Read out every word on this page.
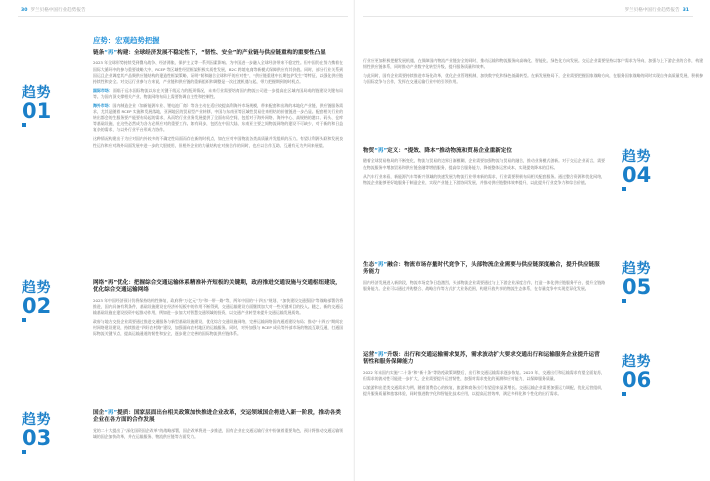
30 罗兰贝格中国行业趋势报告
应势：宏观趋势把握
趋势
01
链条“再”构建：全球经济发展不稳定性下，“韧性、安全”的产业链与供应链重构的重要性凸显

2023 年全球形势持续受到俄乌战争、经济滞胀、保护主义等一系列因素影响。为中国进一步融入全球经济带来不稳定性。但中国仍在努力携着在国际大循环中的参与重要战略大中，RCEP 等区域性经贸框架积极实质性发展，B2C 跨境电商等新模式保障供应有其价值。同时，部分行业关系到国运且企业调度其产品聚供应链结构的建造性框架策略，证明“韧和融合全球和平的应对性”，“供应链重建中长期包护发生”等特征，以强化供应链持续性和安全。对交运行业参与方来说，产业链和供应链的重新组织和调整是一次过渡机遇与起，带力把握期到的时机点。

国际市场：面临于远水国际物流以东在关键干线运力的瓶颈情况，未来行业需要培育国内物流公司进一步提高在区域内国局或的链建设关键布局等。为国内顶支撑相关产业，物流网络布局上需要协调自主性和控制性。

海外市场：国内制造企业（如新能源车业、锂电池厂商）等各主动在适应较提高利海外市场规模，带来配套和出海的本地化产业链，供应链服务需求，尤其是随着 RCEP 实施和发展落地，亚洲地区的贸易型产业转移，中国与东南亚等区域性贸易往来相结的价值链进一步凸显。配套相关行业的转出都会的生服务要产能要布局起的需求，从而给行业业务发展提供了全面布局空间，包括对于海外网络、海外中心、高规格的港口、码头、仓库等基础设施，在这些必然成为各方必须应对的重要工作。如有同步，包括在中国大陆、东南亚主要之间物流网络的建设不可缺少，对于新的和日益复杂的需求，与以外行业平台形成力协作。

这种情况构建出于为应对国内外较多的不确定性局面而存在新的时机点，如在应对中国物流各类高质量并发组织的压力。有望让利源头联和发展良性运作和应对海外局面发展中进一步的大胆使用，但相外企业的力量结构在对接合作的同时，也应以合作互助、互通有无为共同来展望。

趋势
02
网络“再”优化：把握综合交通运输体系精准补齐短板的关键期，政府推进交通设施与交通枢纽建设，优化综合交通运输网络

2023 年中国经济预计仍将保持结构性修复，政府将“万亿元”为“和一带一路”等，两年中国的“十四五”规划、“加快建设交通强国”等战略部署仍将推进，国内具备有利条件，基础设施建设在经济补短板中的作用不断得到，交通运输建设方面继续加大对一些关键项目的投入。随之，新的交通运输基础设施在建设投资中起推动作用，例如进一步加大对智慧交通领域的投资，以交通产业转型来提升交通运输发展质效。

政府与地方交投企业需要通过推进交通服务与新型基础设施建设，优化综合交通设施网络，完善运输网络国内通道建设布局；推动“十四五”期间农村网络建设建设，持续推进“四好农村路”建设，加强面向农村地区的运输服务。同时，对外加强与 RCEP 成员等外部市场的物流互联互通，打通国际物流关键节点，提高运输通道的韧性和安全，逐步建立完善的国际物流供应链体系。

趋势
03
国企“再”提质：国家层面出台相关政策加快推进企业改革，交运领域国企将进入新一阶段，推动各类企业在各方面的合作发展

党的二十大提出了“深化国资国企改革”的战略部署，国企改革将进一步推进，国有企业在交通运输行业中扮演着重要角色，预计将推动交通运输领域的国企加快改革，并在运输服务、物流供应链等方面发力。

罗兰贝格中国行业趋势报告 31

行业应更加积极把握发展机遇，在保障国内物流产业链安全的同时，推动运输和物流服务向高端化、智能化、绿色化方向发展。交运企业需要坚持以客户需求为导向，加强与上下游企业的合作，构建韧性供应链体系，同时推动产业数字化转型升级，提升服务质量和效率。

与此同时，国有企业需要持续推进市场化改革，优化企业管理机制，加快数字化和绿色低碳转型。在新发展格局下，企业需要把握国家战略方向，在服务国家战略的同时实现自身高质量发展，积极参与国际竞争与合作，发挥在交通运输行业中的引领作用。

趋势
04
物贸“再”定义：“提效、降本”推动物流和贸易企业重新定位

随着全球贸易格局的不断变化，物流与贸易的边界日渐模糊，企业需要加强物流与贸易的融合，推动业务模式创新。对于交运企业而言，需要在物流服务中增加贸易和供应链金融等增值服务，提高综合服务能力，降低整体运营成本，实现提效降本的目标。

从汽车行业来看，新能源汽车等新兴领域的快速发展为物流行业带来新的需求，行业需要积极布局相关配套服务。通过整合资源和优化网络，物流企业能够更好地服务于制造企业，实现产业链上下游协同发展，并推动供应链整体效率提升，以此提升行业竞争力和综合价值。

趋势
05
生态“再”融合：物流市场存量时代竞争下，头部物流企业需要与供应链深度融合，提升供应链服务能力

国内经济发展进入新阶段，物流市场竞争日趋激烈，头部物流企业需要通过与上下游企业深度合作，打造一体化供应链服务平台，提升全链路服务能力。企业可以通过并购整合、战略合作等方式扩大业务范围，构建开放共享的物流生态体系，在存量竞争中实现差异化发展。

趋势
06
运营“再”升级：出行和交通运输需求复苏，需求波动扩大要求交通出行和运输服务企业提升运营韧性和服务保障能力

2022 年末国内实施“二十条”和“新十条”等防疫政策调整后，出行和交通运输需求逐步恢复。2023 年，交通出行和运输需求有望全面复苏，但需求的波动性可能进一步扩大，企业需要提升运营韧性，加强对需求变化的预测和应对能力，以保障服务质量。

以旅游和出差类交通需求为例，随着消费信心的恢复，旅游和商务出行有望迎来显著增长。交通运输企业需要加强运力调配，优化运营组织，提升服务质量和旅客体验，同时推进数字化和智能化技术应用，以提高运营效率，满足多样化和个性化的出行需求。
